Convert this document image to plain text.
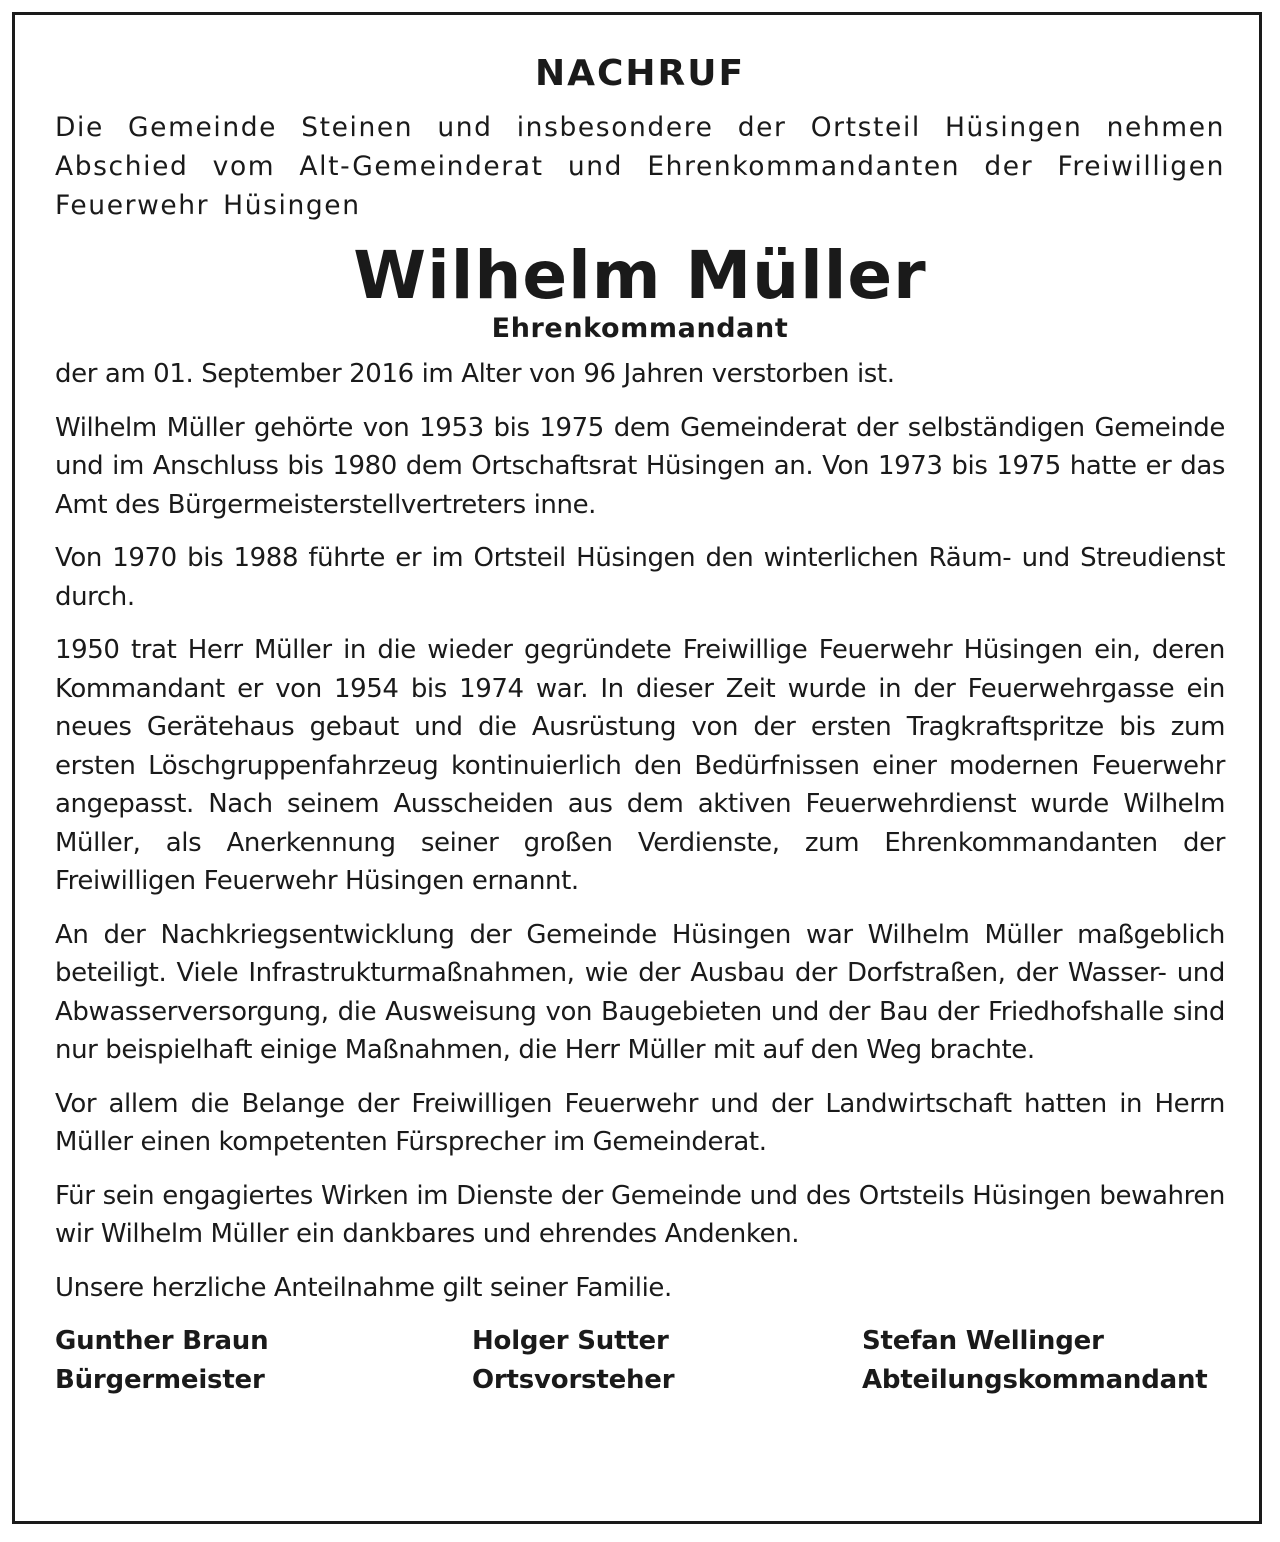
NACHRUF

Die Gemeinde Steinen und insbesondere der Ortsteil Hüsingen nehmen Abschied vom Alt-Gemeinderat und Ehrenkommandanten der Freiwilligen Feuerwehr Hüsingen

Wilhelm Müller
Ehrenkommandant

der am 01. September 2016 im Alter von 96 Jahren verstorben ist.

Wilhelm Müller gehörte von 1953 bis 1975 dem Gemeinderat der selbständigen Gemeinde und im Anschluss bis 1980 dem Ortschaftsrat Hüsingen an. Von 1973 bis 1975 hatte er das Amt des Bürgermeisterstellvertreters inne.

Von 1970 bis 1988 führte er im Ortsteil Hüsingen den winterlichen Räum- und Streudienst durch.

1950 trat Herr Müller in die wieder gegründete Freiwillige Feuerwehr Hüsingen ein, deren Kommandant er von 1954 bis 1974 war. In dieser Zeit wurde in der Feuerwehrgasse ein neues Gerätehaus gebaut und die Ausrüstung von der ersten Tragkraftspritze bis zum ersten Löschgruppenfahrzeug kontinuierlich den Bedürfnissen einer modernen Feuerwehr angepasst. Nach seinem Ausscheiden aus dem aktiven Feuerwehrdienst wurde Wilhelm Müller, als Anerkennung seiner großen Verdienste, zum Ehrenkommandanten der Freiwilligen Feuerwehr Hüsingen ernannt.

An der Nachkriegsentwicklung der Gemeinde Hüsingen war Wilhelm Müller maßgeblich beteiligt. Viele Infrastrukturmaßnahmen, wie der Ausbau der Dorfstraßen, der Wasser- und Abwasserversorgung, die Ausweisung von Baugebieten und der Bau der Friedhofshalle sind nur beispielhaft einige Maßnahmen, die Herr Müller mit auf den Weg brachte.

Vor allem die Belange der Freiwilligen Feuerwehr und der Landwirtschaft hatten in Herrn Müller einen kompetenten Fürsprecher im Gemeinderat.

Für sein engagiertes Wirken im Dienste der Gemeinde und des Ortsteils Hüsingen bewahren wir Wilhelm Müller ein dankbares und ehrendes Andenken.

Unsere herzliche Anteilnahme gilt seiner Familie.

Gunther Braun
Bürgermeister
Holger Sutter
Ortsvorsteher
Stefan Wellinger
Abteilungskommandant
